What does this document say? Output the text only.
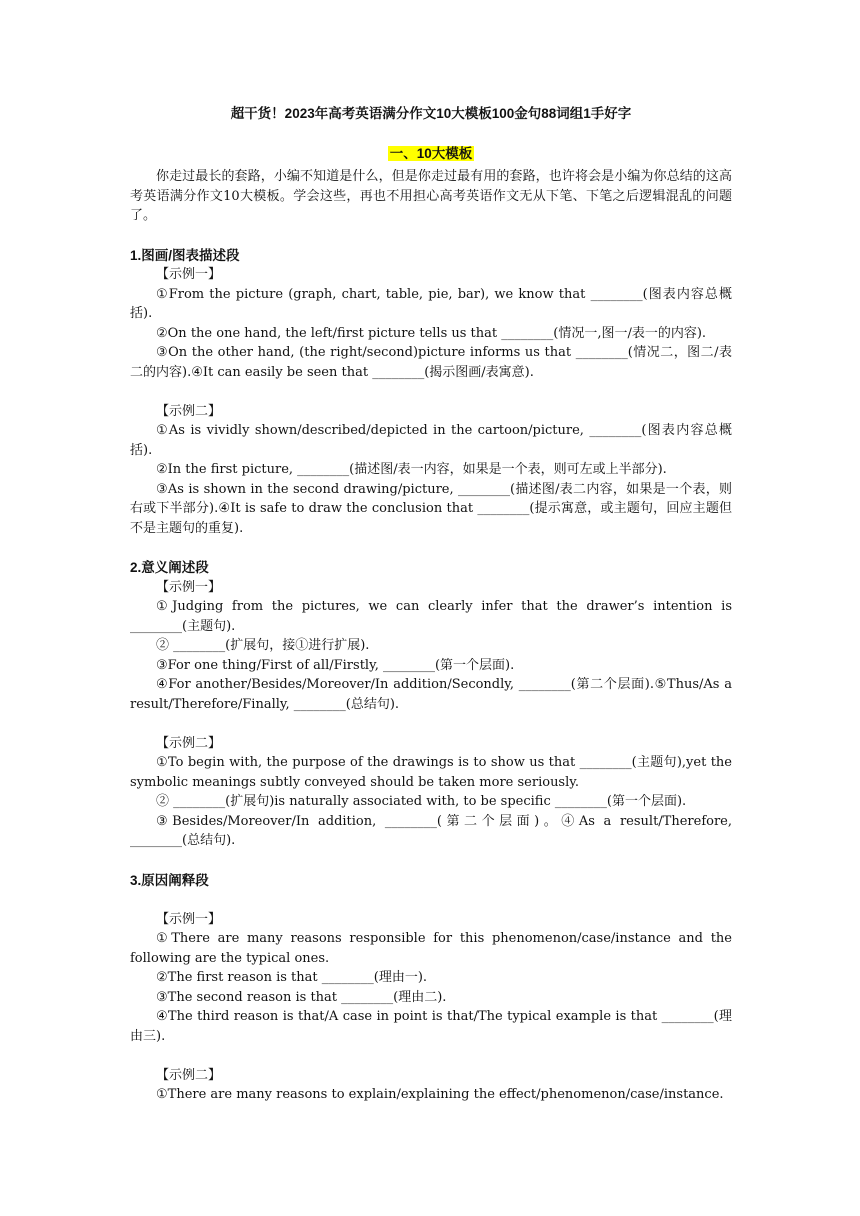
超干货！2023年高考英语满分作文10大模板100金句88词组1手好字
一、10大模板

你走过最长的套路，小编不知道是什么，但是你走过最有用的套路，也许将会是小编为你总结的这高考英语满分作文10大模板。学会这些，再也不用担心高考英语作文无从下笔、下笔之后逻辑混乱的问题了。

1.图画/图表描述段

【示例一】

①From the picture (graph, chart, table, pie, bar), we know that ________(图表内容总概括).

②On the one hand, the left/first picture tells us that ________(情况一,图一/表一的内容).

③On the other hand, (the right/second)picture informs us that ________(情况二，图二/表二的内容).④It can easily be seen that ________(揭示图画/表寓意).

【示例二】

①As is vividly shown/described/depicted in the cartoon/picture, ________(图表内容总概括).

②In the first picture, ________(描述图/表一内容，如果是一个表，则可左或上半部分).

③As is shown in the second drawing/picture, ________(描述图/表二内容，如果是一个表，则右或下半部分).④It is safe to draw the conclusion that ________(提示寓意，或主题句，回应主题但不是主题句的重复).

2.意义阐述段

【示例一】

①Judging from the pictures, we can clearly infer that the drawer’s intention is ________(主题句).

② ________(扩展句，接①进行扩展).

③For one thing/First of all/Firstly, ________(第一个层面).

④For another/Besides/Moreover/In addition/Secondly, ________(第二个层面).⑤Thus/As a result/Therefore/Finally, ________(总结句).

【示例二】

①To begin with, the purpose of the drawings is to show us that ________(主题句),yet the symbolic meanings subtly conveyed should be taken more seriously.

② ________(扩展句)is naturally associated with, to be specific ________(第一个层面).

③Besides/Moreover/In addition, ________(第二个层面)。④As a result/Therefore, ________(总结句).

3.原因阐释段

【示例一】

①There are many reasons responsible for this phenomenon/case/instance and the following are the typical ones.

②The first reason is that ________(理由一).

③The second reason is that ________(理由二).

④The third reason is that/A case in point is that/The typical example is that ________(理由三).

【示例二】

①There are many reasons to explain/explaining the effect/phenomenon/case/instance.
